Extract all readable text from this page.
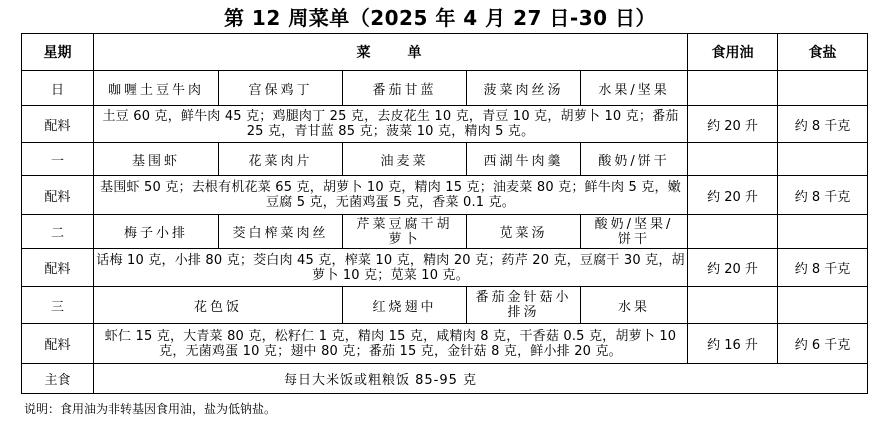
第 12 周菜单（2025 年 4 月 27 日-30 日）
星期	菜　　单					食用油	食盐
日	咖喱土豆牛肉	宫保鸡丁	番茄甘蓝	菠菜肉丝汤	水果/坚果		
配料	土豆 60 克，鲜牛肉 45 克；鸡腿肉丁 25 克，去皮花生 10 克，青豆 10 克，胡萝卜 10 克；番茄 25 克，青甘蓝 85 克；菠菜 10 克，精肉 5 克。					约 20 升	约 8 千克
一	基围虾	花菜肉片	油麦菜	西湖牛肉羹	酸奶/饼干		
配料	基围虾 50 克；去根有机花菜 65 克，胡萝卜 10 克，精肉 15 克；油麦菜 80 克；鲜牛肉 5 克，嫩豆腐 5 克，无菌鸡蛋 5 克，香菜 0.1 克。					约 20 升	约 8 千克
二	梅子小排	茭白榨菜肉丝	芹菜豆腐干胡萝卜	苋菜汤	酸奶/坚果/饼干		
配料	话梅 10 克，小排 80 克；茭白肉 45 克，榨菜 10 克，精肉 20 克；药芹 20 克，豆腐干 30 克，胡萝卜 10 克；苋菜 10 克。					约 20 升	约 8 千克
三	花色饭		红烧翅中	番茄金针菇小排汤	水果		
配料	虾仁 15 克，大青菜 80 克，松籽仁 1 克，精肉 15 克，咸精肉 8 克，干香菇 0.5 克，胡萝卜 10 克，无菌鸡蛋 10 克；翅中 80 克；番茄 15 克，金针菇 8 克，鲜小排 20 克。					约 16 升	约 6 千克
主食	每日大米饭或粗粮饭 85-95 克						
说明：食用油为非转基因食用油，盐为低钠盐。
